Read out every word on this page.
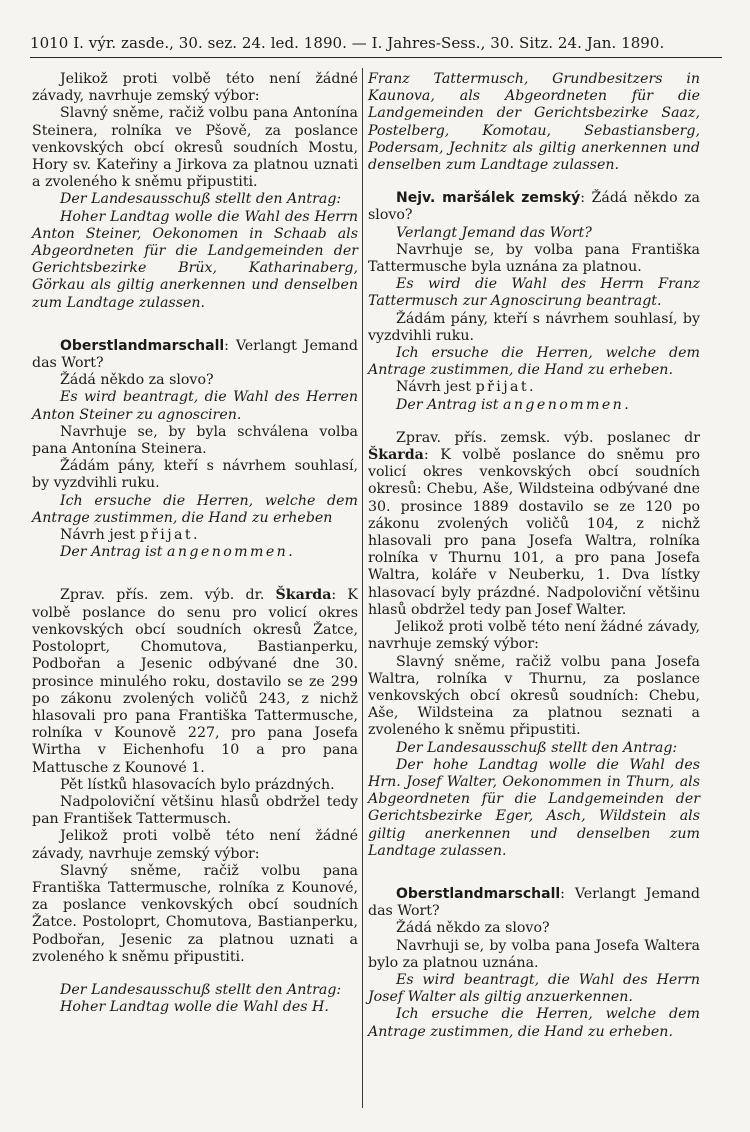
1010 I. výr. zasde., 30. sez. 24. led. 1890. — I. Jahres-Sess., 30. Sitz. 24. Jan. 1890.

Jelikož proti volbě této není žádné závady, navrhuje zemský výbor:

Slavný sněme, račiž volbu pana Antonína Steinera, rolníka ve Pšově, za poslance venkovských obcí okresů soudních Mostu, Hory sv. Kateřiny a Jirkova za platnou uznati a zvoleného k sněmu připustiti.

Der Landesausschuß stellt den Antrag:

Hoher Landtag wolle die Wahl des Herrn Anton Steiner, Oekonomen in Schaab als Abgeordneten für die Landgemeinden der Gerichtsbezirke Brüx, Katharinaberg, Görkau als giltig anerkennen und denselben zum Landtage zulassen.

Oberstlandmarschall: Verlangt Jemand das Wort?

Žádá někdo za slovo?

Es wird beantragt, die Wahl des Herren Anton Steiner zu agnosciren.

Navrhuje se, by byla schválena volba pana Antonína Steinera.

Žádám pány, kteří s návrhem souhlasí, by vyzdvihli ruku.

Ich ersuche die Herren, welche dem Antrage zustimmen, die Hand zu erheben

Návrh jest přijat.

Der Antrag ist angenommen.

Zprav. přís. zem. výb. dr. Škarda: K volbě poslance do senu pro volicí okres venkovských obcí soudních okresů Žatce, Postoloprt, Chomutova, Bastianperku, Podbořan a Jesenic odbývané dne 30. prosince minulého roku, dostavilo se ze 299 po zákonu zvolených voličů 243, z nichž hlasovali pro pana Františka Tattermusche, rolníka v Kounově 227, pro pana Josefa Wirtha v Eichenhofu 10 a pro pana Mattusche z Kounové 1.

Pět lístků hlasovacích bylo prázdných.

Nadpoloviční většinu hlasů obdržel tedy pan František Tattermusch.

Jelikož proti volbě této není žádné závady, navrhuje zemský výbor:

Slavný sněme, račiž volbu pana Františka Tattermusche, rolníka z Kounové, za poslance venkovských obcí soudních Žatce. Postoloprt, Chomutova, Bastianperku, Podbořan, Jesenic za platnou uznati a zvoleného k sněmu připustiti.

Der Landesausschuß stellt den Antrag:

Hoher Landtag wolle die Wahl des H.

Franz Tattermusch, Grundbesitzers in Kaunova, als Abgeordneten für die Landgemeinden der Gerichtsbezirke Saaz, Postelberg, Komotau, Sebastiansberg, Podersam, Jechnitz als giltig anerkennen und denselben zum Landtage zulassen.

Nejv. maršálek zemský: Žádá někdo za slovo?

Verlangt Jemand das Wort?

Navrhuje se, by volba pana Františka Tattermusche byla uznána za platnou.

Es wird die Wahl des Herrn Franz Tattermusch zur Agnoscirung beantragt.

Žádám pány, kteří s návrhem souhlasí, by vyzdvihli ruku.

Ich ersuche die Herren, welche dem Antrage zustimmen, die Hand zu erheben.

Návrh jest přijat.

Der Antrag ist angenommen.

Zprav. přís. zemsk. výb. poslanec dr Škarda: K volbě poslance do sněmu pro volicí okres venkovských obcí soudních okresů: Chebu, Aše, Wildsteina odbývané dne 30. prosince 1889 dostavilo se ze 120 po zákonu zvolených voličů 104, z nichž hlasovali pro pana Josefa Waltra, rolníka rolníka v Thurnu 101, a pro pana Josefa Waltra, koláře v Neuberku, 1. Dva lístky hlasovací byly prázdné. Nadpoloviční většinu hlasů obdržel tedy pan Josef Walter.

Jelikož proti volbě této není žádné závady, navrhuje zemský výbor:

Slavný sněme, račiž volbu pana Josefa Waltra, rolníka v Thurnu, za poslance venkovských obcí okresů soudních: Chebu, Aše, Wildsteina za platnou seznati a zvoleného k sněmu připustiti.

Der Landesausschuß stellt den Antrag:

Der hohe Landtag wolle die Wahl des Hrn. Josef Walter, Oekonommen in Thurn, als Abgeordneten für die Landgemeinden der Gerichtsbezirke Eger, Asch, Wildstein als giltig anerkennen und denselben zum Landtage zulassen.

Oberstlandmarschall: Verlangt Jemand das Wort?

Žádá někdo za slovo?

Navrhuji se, by volba pana Josefa Waltera bylo za platnou uznána.

Es wird beantragt, die Wahl des Herrn Josef Walter als giltig anzuerkennen.

Ich ersuche die Herren, welche dem Antrage zustimmen, die Hand zu erheben.
